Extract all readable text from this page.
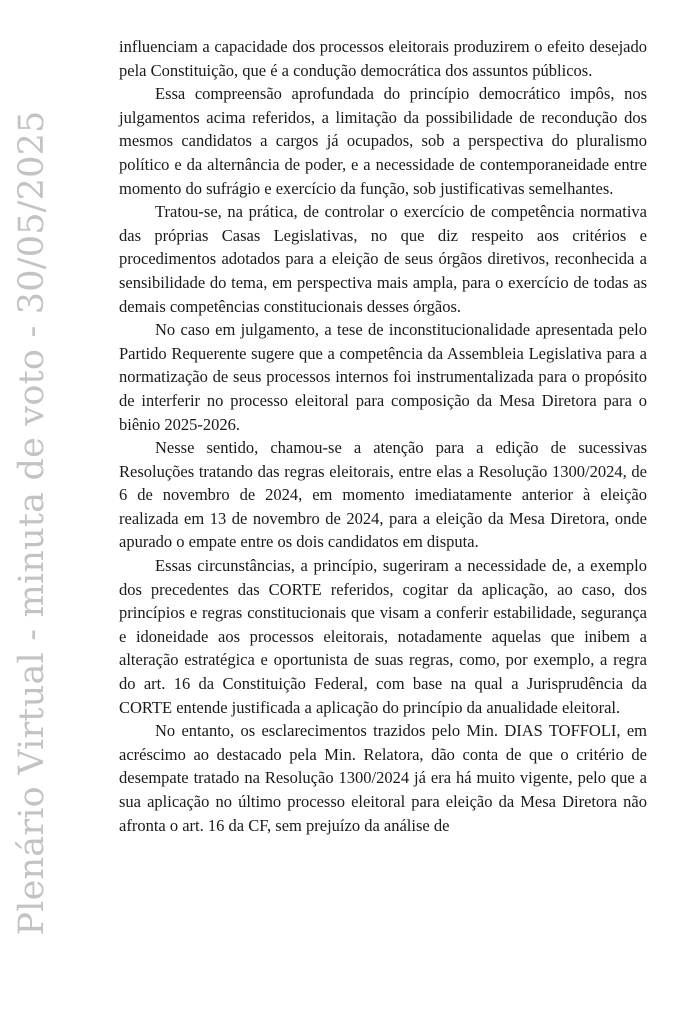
Plenário Virtual - minuta de voto - 30/05/2025

influenciam a capacidade dos processos eleitorais produzirem o efeito desejado pela Constituição, que é a condução democrática dos assuntos públicos.

Essa compreensão aprofundada do princípio democrático impôs, nos julgamentos acima referidos, a limitação da possibilidade de recondução dos mesmos candidatos a cargos já ocupados, sob a perspectiva do pluralismo político e da alternância de poder, e a necessidade de contemporaneidade entre momento do sufrágio e exercício da função, sob justificativas semelhantes.

Tratou-se, na prática, de controlar o exercício de competência normativa das próprias Casas Legislativas, no que diz respeito aos critérios e procedimentos adotados para a eleição de seus órgãos diretivos, reconhecida a sensibilidade do tema, em perspectiva mais ampla, para o exercício de todas as demais competências constitucionais desses órgãos.

No caso em julgamento, a tese de inconstitucionalidade apresentada pelo Partido Requerente sugere que a competência da Assembleia Legislativa para a normatização de seus processos internos foi instrumentalizada para o propósito de interferir no processo eleitoral para composição da Mesa Diretora para o biênio 2025-2026.

Nesse sentido, chamou-se a atenção para a edição de sucessivas Resoluções tratando das regras eleitorais, entre elas a Resolução 1300/2024, de 6 de novembro de 2024, em momento imediatamente anterior à eleição realizada em 13 de novembro de 2024, para a eleição da Mesa Diretora, onde apurado o empate entre os dois candidatos em disputa.

Essas circunstâncias, a princípio, sugeriram a necessidade de, a exemplo dos precedentes das CORTE referidos, cogitar da aplicação, ao caso, dos princípios e regras constitucionais que visam a conferir estabilidade, segurança e idoneidade aos processos eleitorais, notadamente aquelas que inibem a alteração estratégica e oportunista de suas regras, como, por exemplo, a regra do art. 16 da Constituição Federal, com base na qual a Jurisprudência da CORTE entende justificada a aplicação do princípio da anualidade eleitoral.

No entanto, os esclarecimentos trazidos pelo Min. DIAS TOFFOLI, em acréscimo ao destacado pela Min. Relatora, dão conta de que o critério de desempate tratado na Resolução 1300/2024 já era há muito vigente, pelo que a sua aplicação no último processo eleitoral para eleição da Mesa Diretora não afronta o art. 16 da CF, sem prejuízo da análise de
